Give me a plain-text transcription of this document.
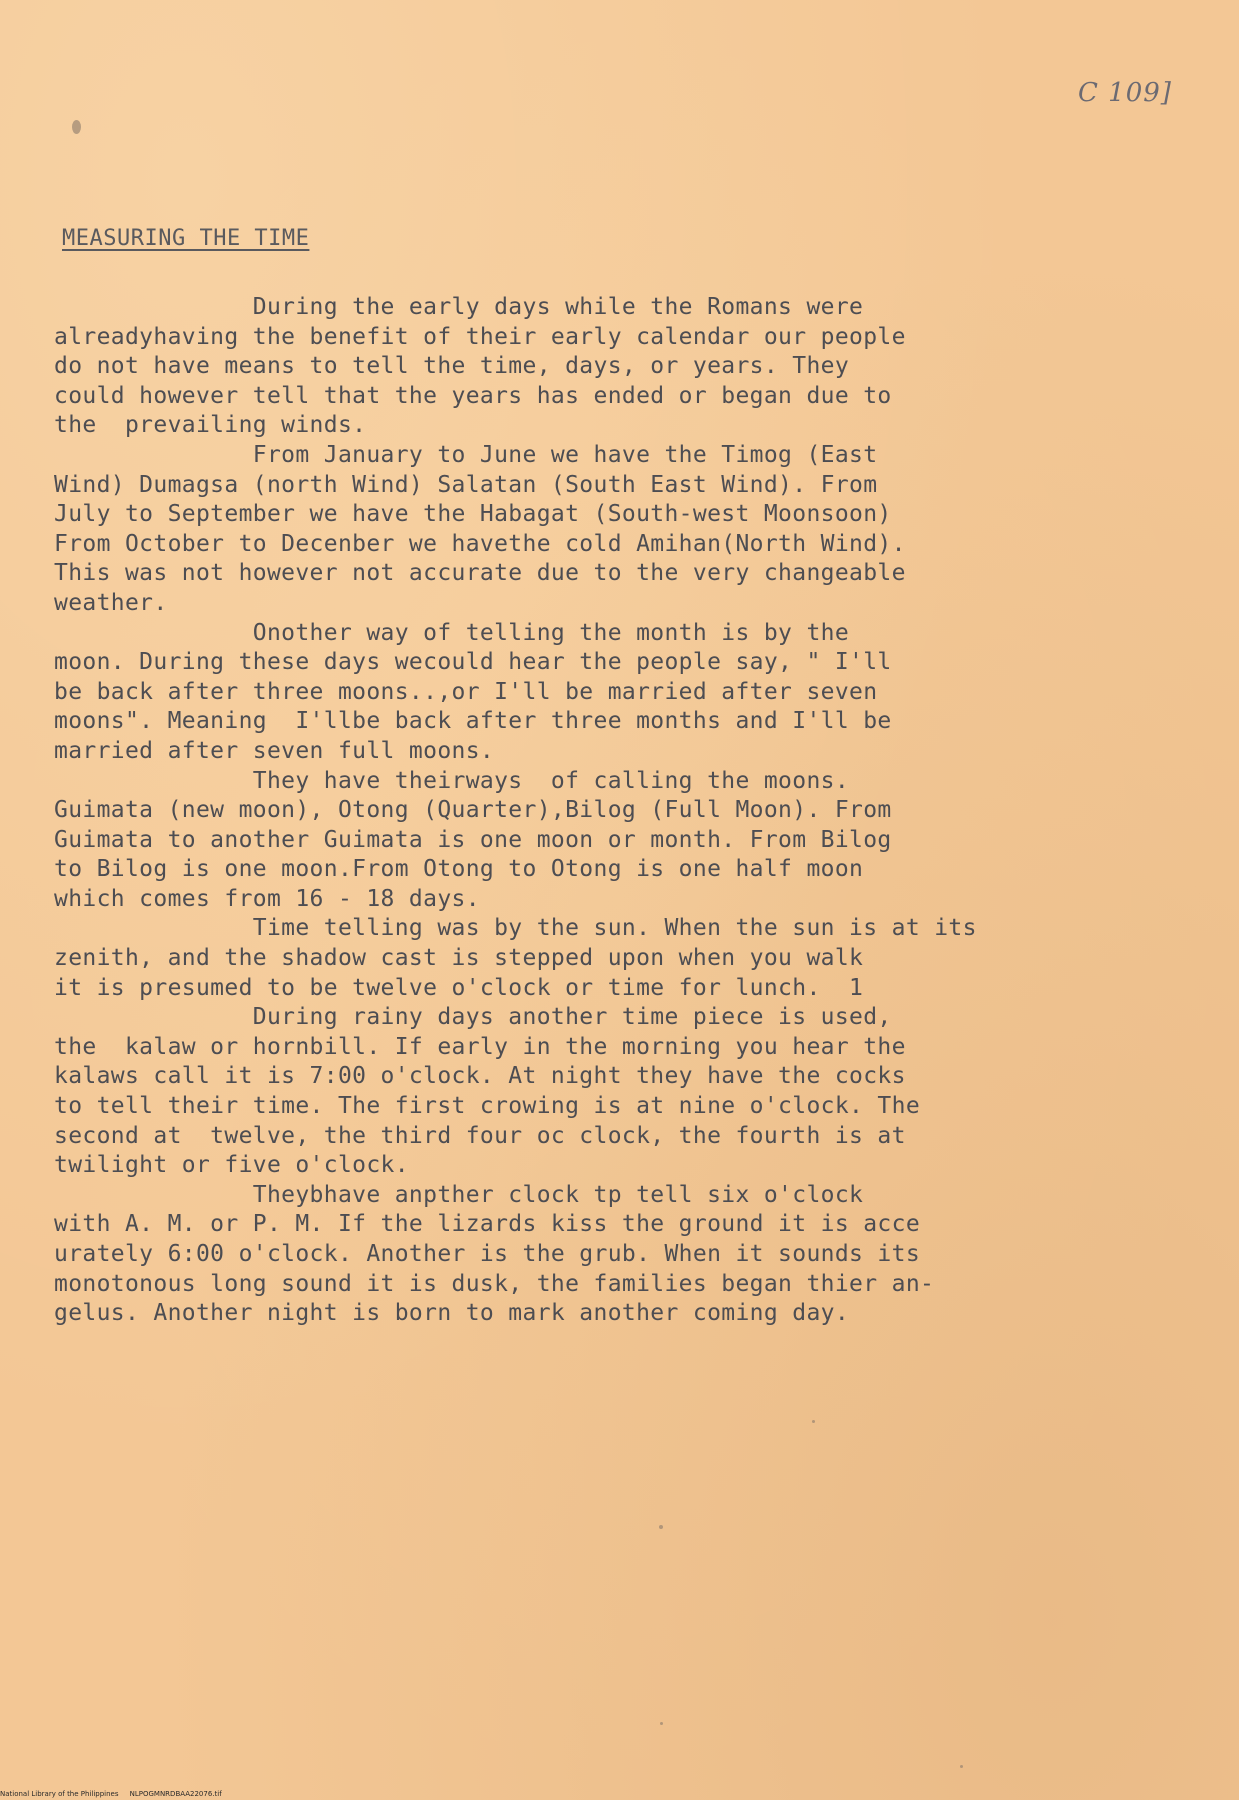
C 109]
MEASURING THE TIME
During the early days while the Romans were
alreadyhaving the benefit of their early calendar our people
do not have means to tell the time, days, or years. They
could however tell that the years has ended or began due to
the  prevailing winds.
From January to June we have the Timog (East
Wind) Dumagsa (north Wind) Salatan (South East Wind). From
July to September we have the Habagat (South-west Moonsoon)
From October to Decenber we havethe cold Amihan(North Wind).
This was not however not accurate due to the very changeable
weather.
Onother way of telling the month is by the
moon. During these days wecould hear the people say, " I'll
be back after three moons..,or I'll be married after seven
moons". Meaning  I'llbe back after three months and I'll be
married after seven full moons.
They have theirways  of calling the moons.
Guimata (new moon), Otong (Quarter),Bilog (Full Moon). From
Guimata to another Guimata is one moon or month. From Bilog
to Bilog is one moon.From Otong to Otong is one half moon
which comes from 16 - 18 days.
Time telling was by the sun. When the sun is at its
zenith, and the shadow cast is stepped upon when you walk
it is presumed to be twelve o'clock or time for lunch.  1
During rainy days another time piece is used,
the  kalaw or hornbill. If early in the morning you hear the
kalaws call it is 7:00 o'clock. At night they have the cocks
to tell their time. The first crowing is at nine o'clock. The
second at  twelve, the third four oc clock, the fourth is at
twilight or five o'clock.
Theybhave anpther clock tp tell six o'clock
with A. M. or P. M. If the lizards kiss the ground it is acce
urately 6:00 o'clock. Another is the grub. When it sounds its
monotonous long sound it is dusk, the families began thier an-
gelus. Another night is born to mark another coming day.
National Library of the Philippines     NLPOGMNRDBAA22076.tif
